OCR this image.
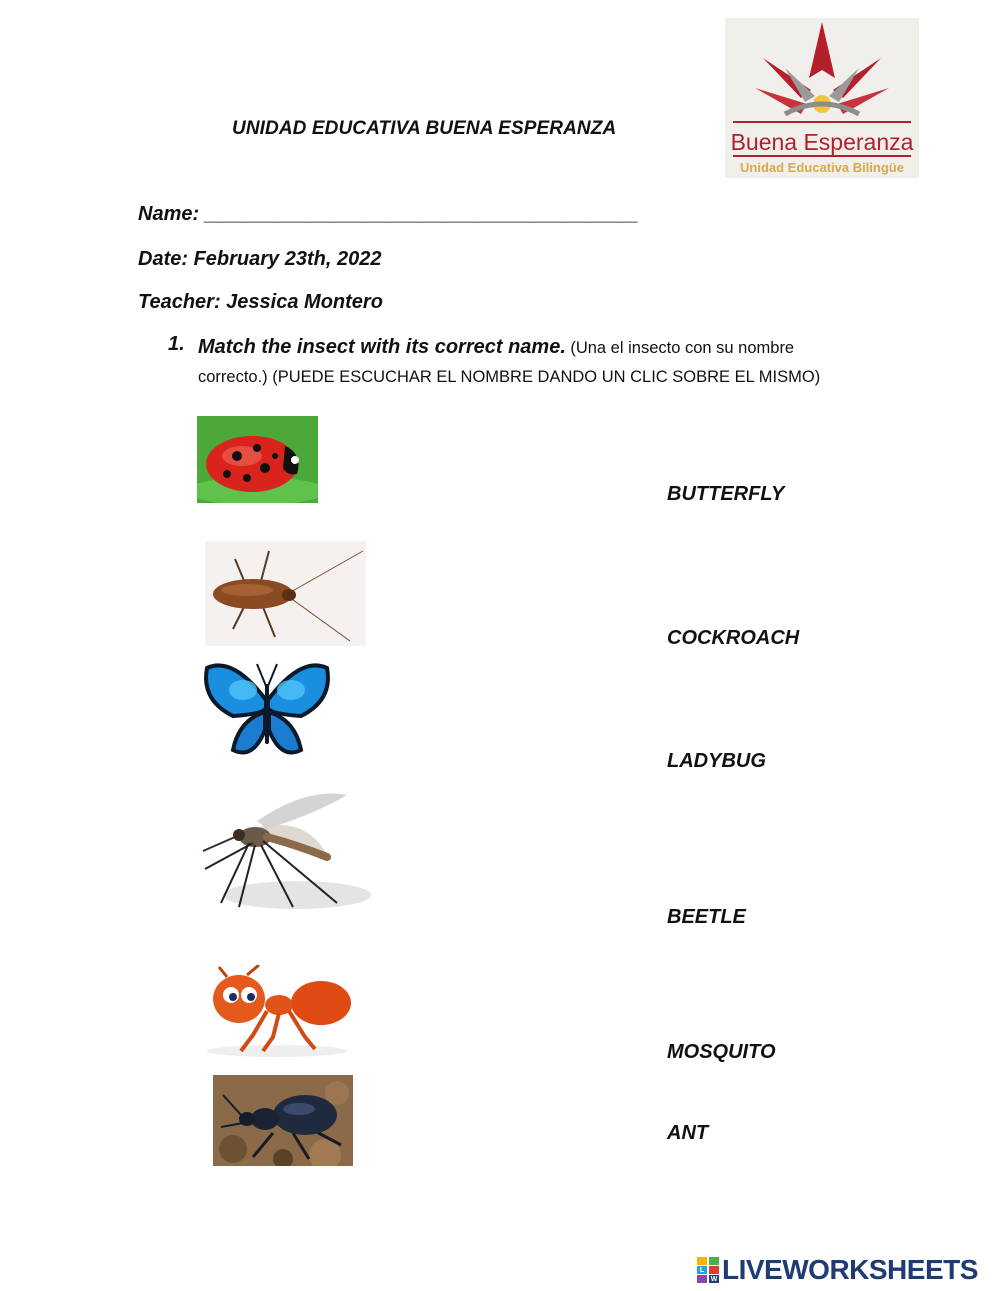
UNIDAD EDUCATIVA BUENA ESPERANZA
Buena Esperanza
Unidad Educativa Bilingüe
Name: _______________________________________
Date: February 23th, 2022
Teacher: Jessica Montero
1. Match the insect with its correct name. (Una el insecto con su nombre correcto.) (PUEDE ESCUCHAR EL NOMBRE DANDO UN CLIC SOBRE EL MISMO)
BUTTERFLY
COCKROACH
LADYBUG
BEETLE
MOSQUITO
ANT
L
W LIVEWORKSHEETS
